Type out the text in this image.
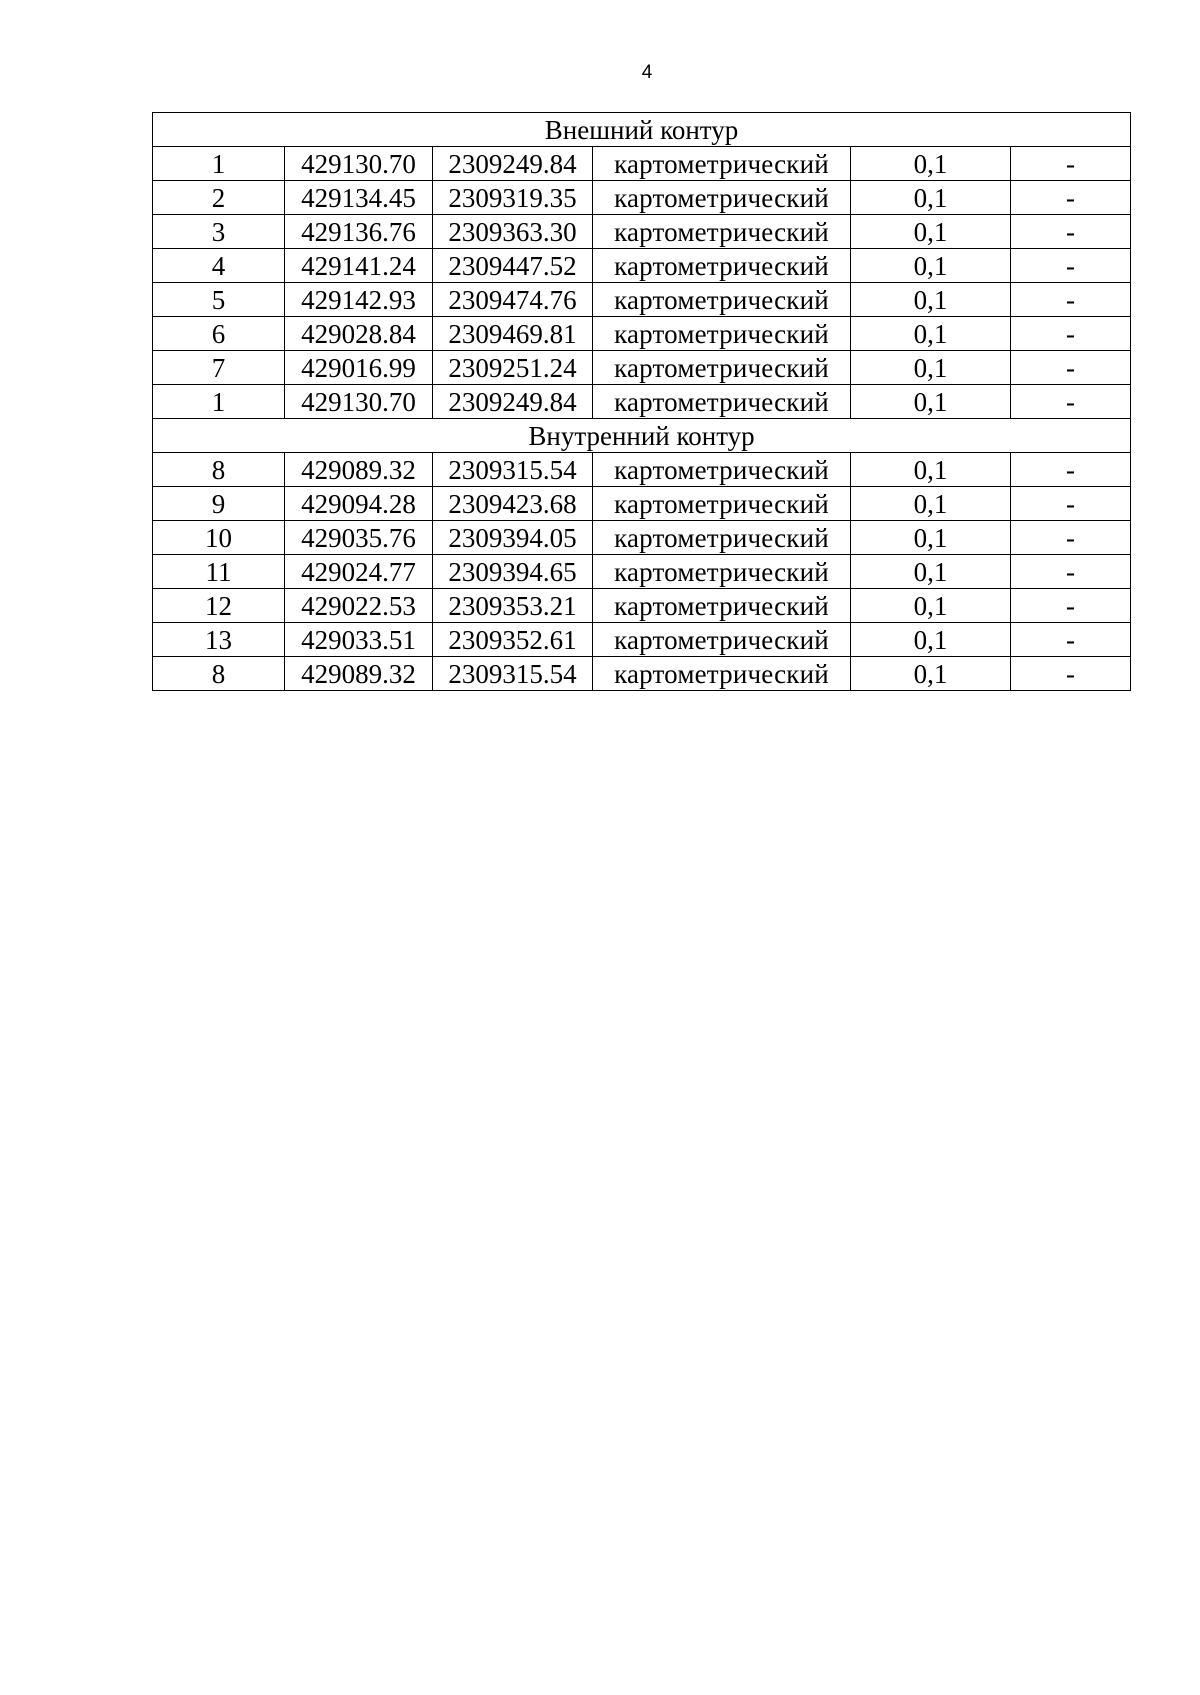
4
Внешний контур					
1	429130.70	2309249.84	картометрический	0,1	-
2	429134.45	2309319.35	картометрический	0,1	-
3	429136.76	2309363.30	картометрический	0,1	-
4	429141.24	2309447.52	картометрический	0,1	-
5	429142.93	2309474.76	картометрический	0,1	-
6	429028.84	2309469.81	картометрический	0,1	-
7	429016.99	2309251.24	картометрический	0,1	-
1	429130.70	2309249.84	картометрический	0,1	-
Внутренний контур					
8	429089.32	2309315.54	картометрический	0,1	-
9	429094.28	2309423.68	картометрический	0,1	-
10	429035.76	2309394.05	картометрический	0,1	-
11	429024.77	2309394.65	картометрический	0,1	-
12	429022.53	2309353.21	картометрический	0,1	-
13	429033.51	2309352.61	картометрический	0,1	-
8	429089.32	2309315.54	картометрический	0,1	-
